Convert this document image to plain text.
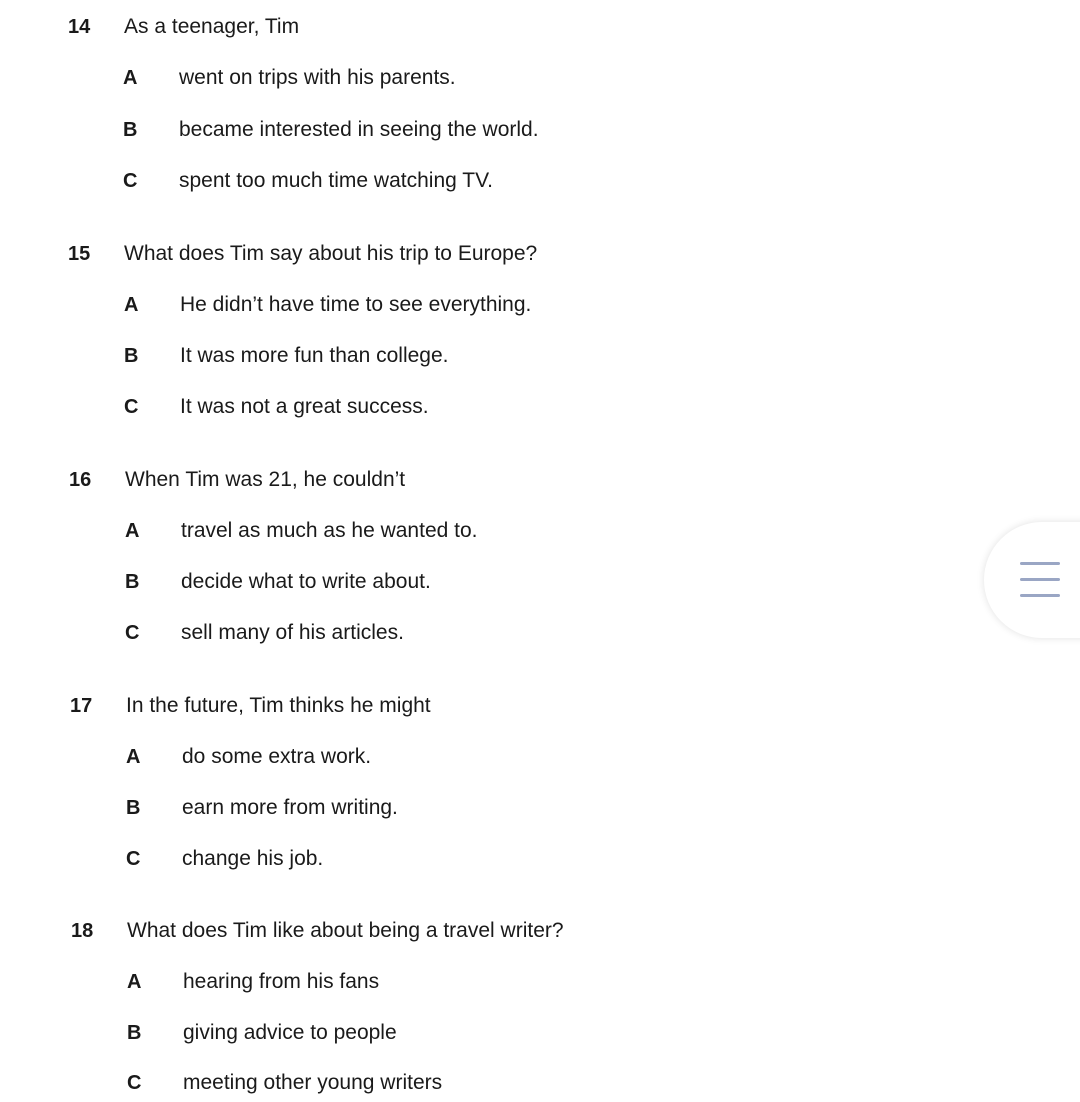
14 As a teenager, Tim
A went on trips with his parents.
B became interested in seeing the world.
C spent too much time watching TV.
15 What does Tim say about his trip to Europe?
A He didn’t have time to see everything.
B It was more fun than college.
C It was not a great success.
16 When Tim was 21, he couldn’t
A travel as much as he wanted to.
B decide what to write about.
C sell many of his articles.
17 In the future, Tim thinks he might
A do some extra work.
B earn more from writing.
C change his job.
18 What does Tim like about being a travel writer?
A hearing from his fans
B giving advice to people
C meeting other young writers
